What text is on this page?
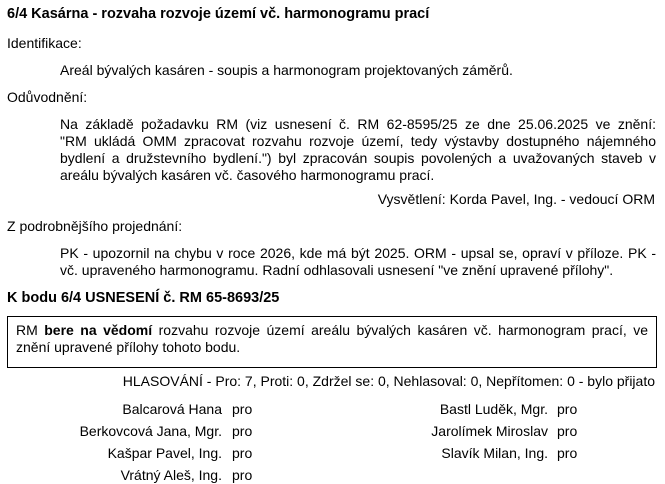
6/4 Kasárna - rozvaha rozvoje území vč. harmonogramu prací
Identifikace:
Areál bývalých kasáren - soupis a harmonogram projektovaných záměrů.
Odůvodnění:
Na základě požadavku RM (viz usnesení č. RM 62-8595/25 ze dne 25.06.2025 ve znění:
"RM ukládá OMM zpracovat rozvahu rozvoje území, tedy výstavby dostupného nájemného
bydlení a družstevního bydlení.") byl zpracován soupis povolených a uvažovaných staveb v
areálu bývalých kasáren vč. časového harmonogramu prací.
Vysvětlení: Korda Pavel, Ing. - vedoucí ORM
Z podrobnějšího projednání:
PK - upozornil na chybu v roce 2026, kde má být 2025. ORM - upsal se, opraví v příloze. PK -
vč. upraveného harmonogramu. Radní odhlasovali usnesení "ve znění upravené přílohy".
K bodu 6/4 USNESENÍ č. RM 65-8693/25
RM bere na vědomí rozvahu rozvoje území areálu bývalých kasáren vč. harmonogram prací, ve
znění upravené přílohy tohoto bodu.
HLASOVÁNÍ - Pro: 7, Proti: 0, Zdržel se: 0, Nehlasoval: 0, Nepřítomen: 0 - bylo přijato
Balcarová Hana pro
Berkovcová Jana, Mgr. pro
Kašpar Pavel, Ing. pro
Vrátný Aleš, Ing. pro
Bastl Luděk, Mgr. pro
Jarolímek Miroslav pro
Slavík Milan, Ing. pro
